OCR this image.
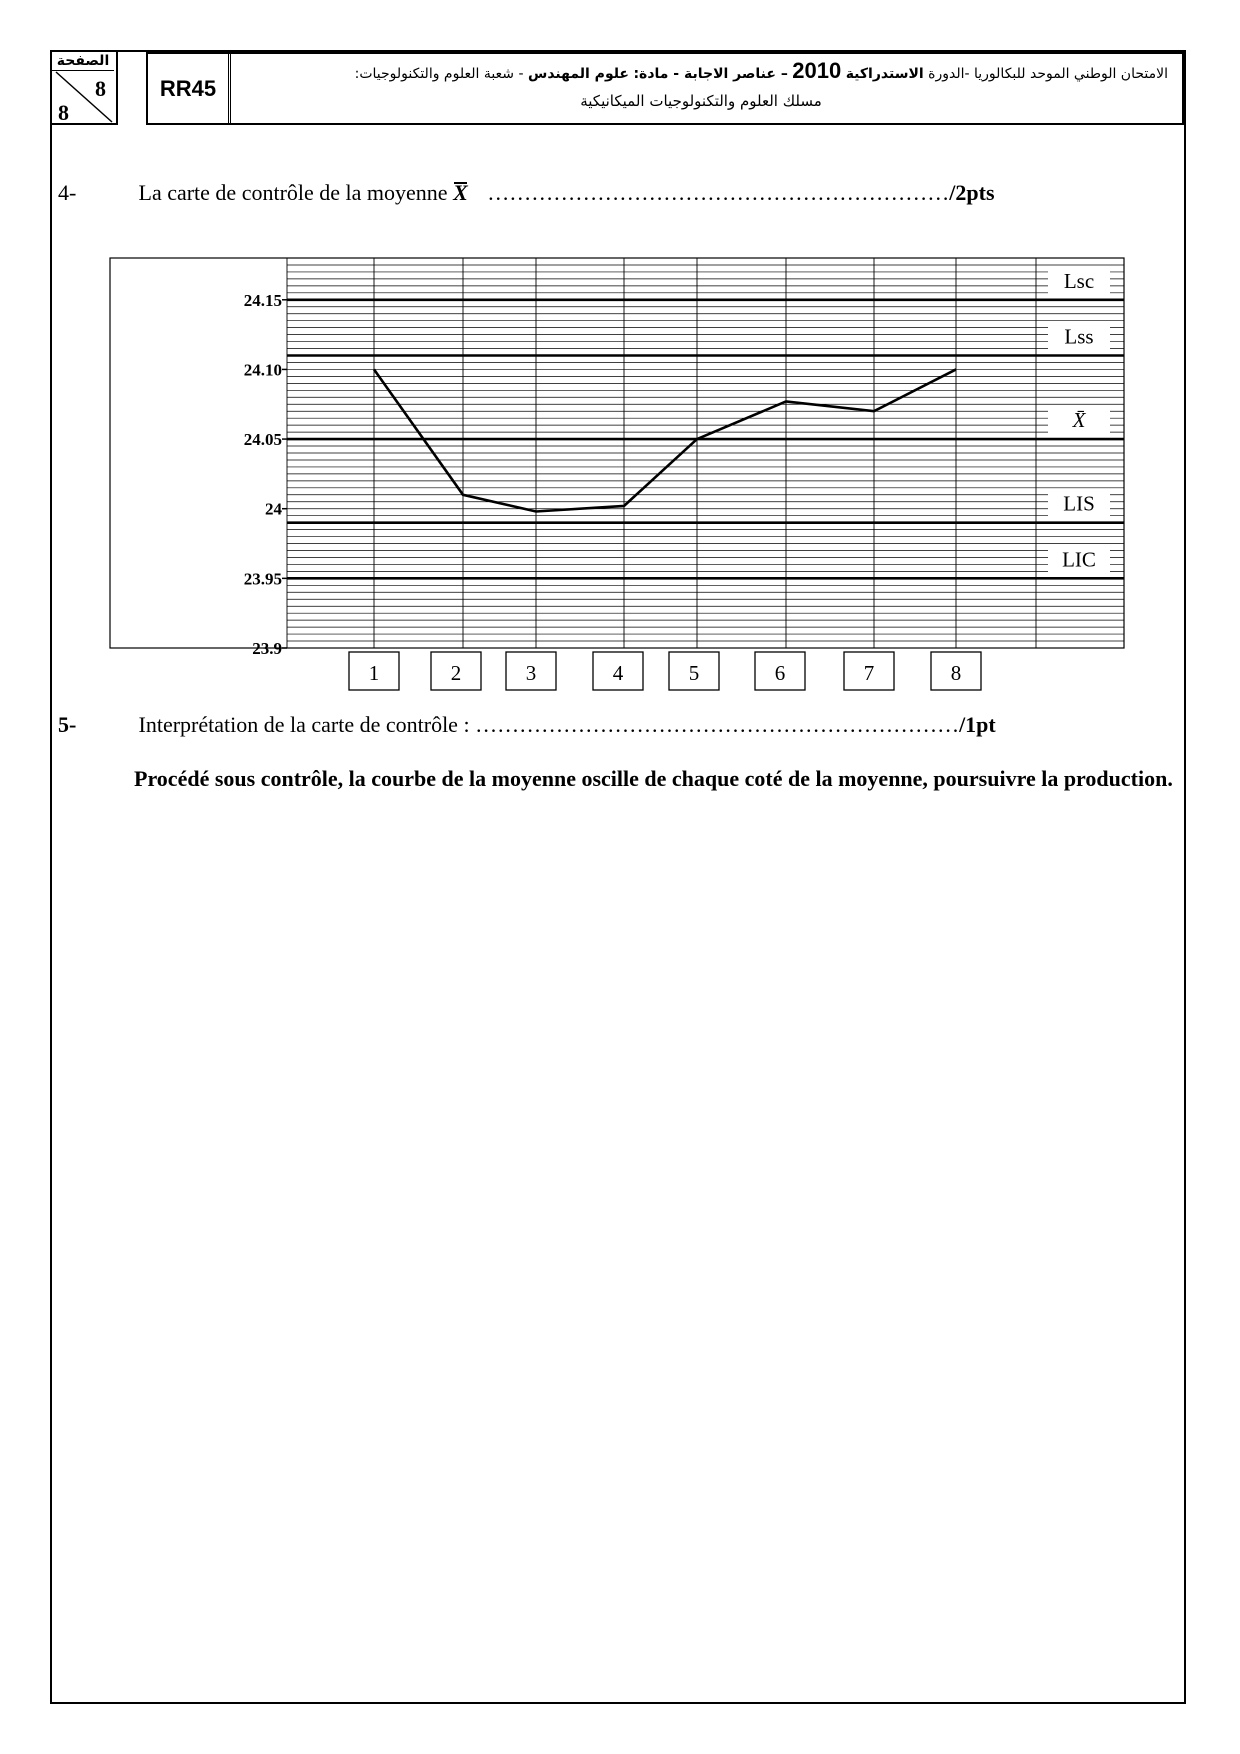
الصفحة
8
8
RR45
الامتحان الوطني الموحد للبكالوريا -الدورة الاستدراكية 2010 – عناصر الاجابة - مادة: علوم المهندس - شعبة العلوم والتكنولوجيات:
مسلك العلوم والتكنولوجيات الميكانيكية
4-	La carte de contrôle de la moyenne X ………………………………………………………/2pts
24.15
24.10
24.05
24
23.95
23.9
Lsc
Lss
X̄
LIS
LIC
1	2	3	4	5	6	7	8
5-	Interprétation de la carte de contrôle : …………………………………………………………/1pt
Procédé sous contrôle, la courbe de la moyenne oscille de chaque coté de la moyenne, poursuivre la production.
